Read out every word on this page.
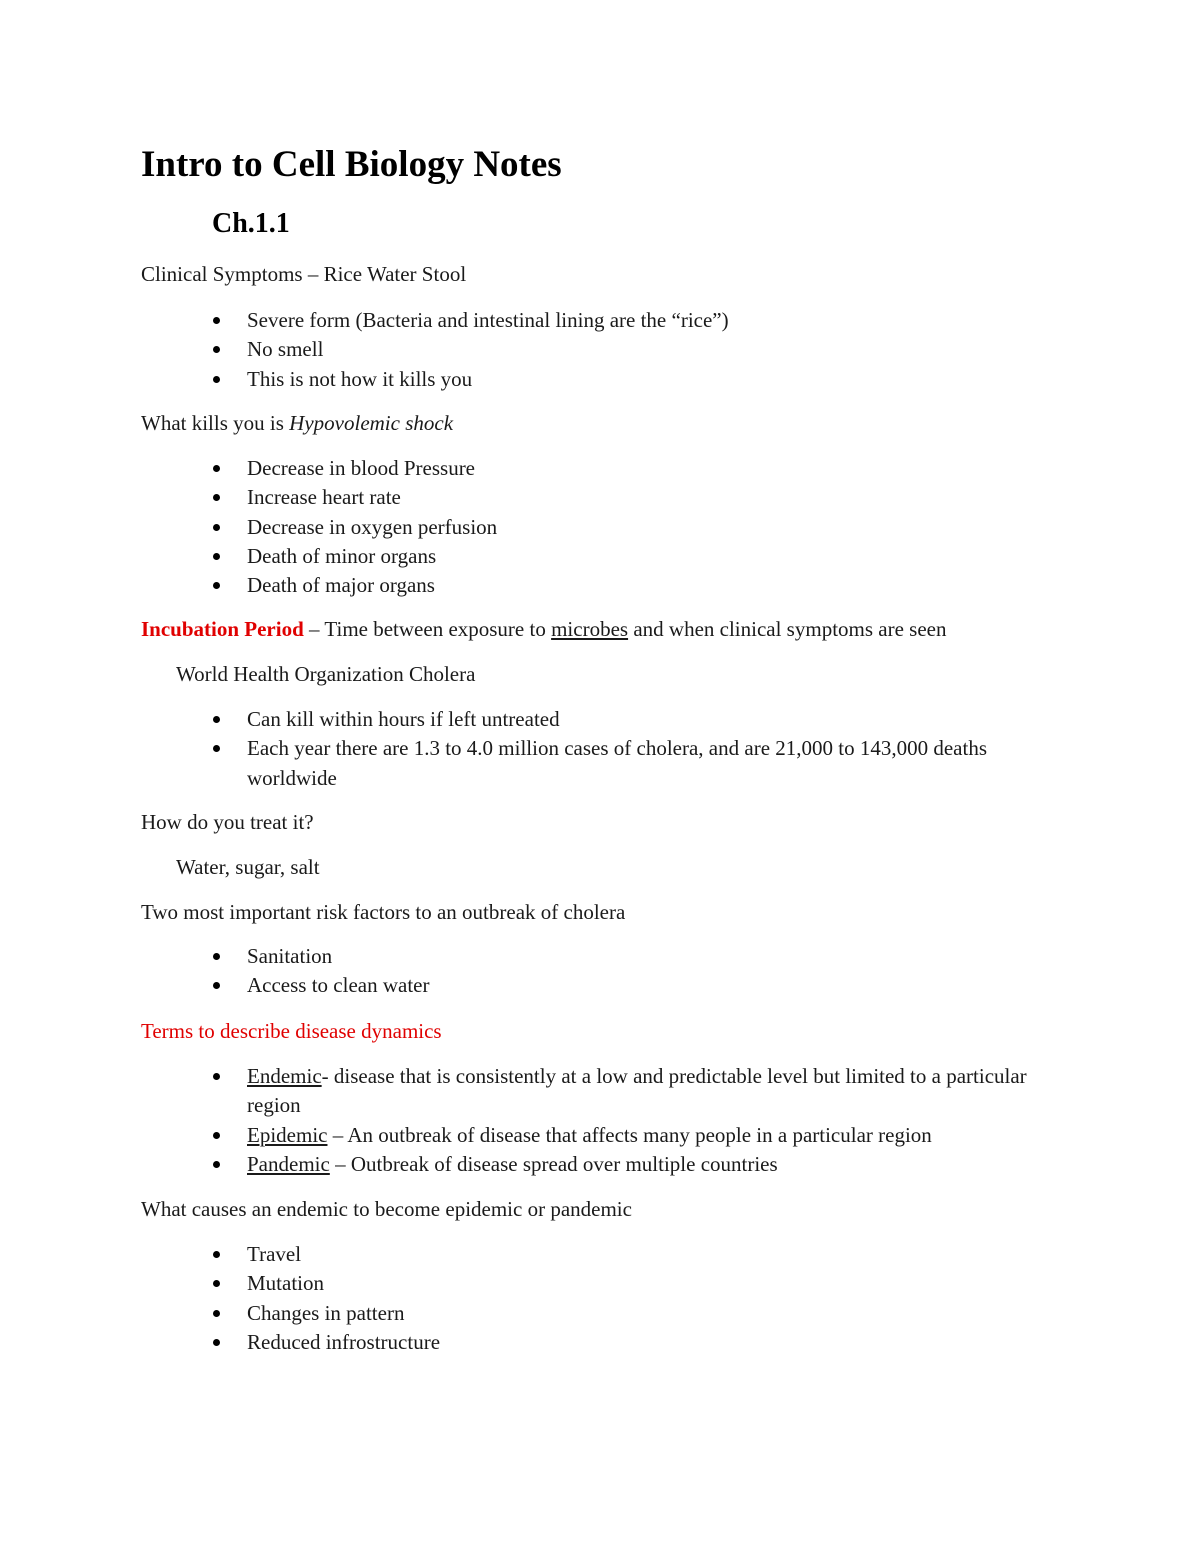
Intro to Cell Biology Notes
Ch.1.1

Clinical Symptoms – Rice Water Stool

Severe form (Bacteria and intestinal lining are the “rice”)
No smell
This is not how it kills you

What kills you is Hypovolemic shock

Decrease in blood Pressure
Increase heart rate
Decrease in oxygen perfusion
Death of minor organs
Death of major organs

Incubation Period – Time between exposure to microbes and when clinical symptoms are seen

World Health Organization Cholera

Can kill within hours if left untreated
Each year there are 1.3 to 4.0 million cases of cholera, and are 21,000 to 143,000 deaths worldwide

How do you treat it?

Water, sugar, salt

Two most important risk factors to an outbreak of cholera

Sanitation
Access to clean water

Terms to describe disease dynamics

Endemic- disease that is consistently at a low and predictable level but limited to a particular region
Epidemic – An outbreak of disease that affects many people in a particular region
Pandemic – Outbreak of disease spread over multiple countries

What causes an endemic to become epidemic or pandemic

Travel
Mutation
Changes in pattern
Reduced infrostructure
